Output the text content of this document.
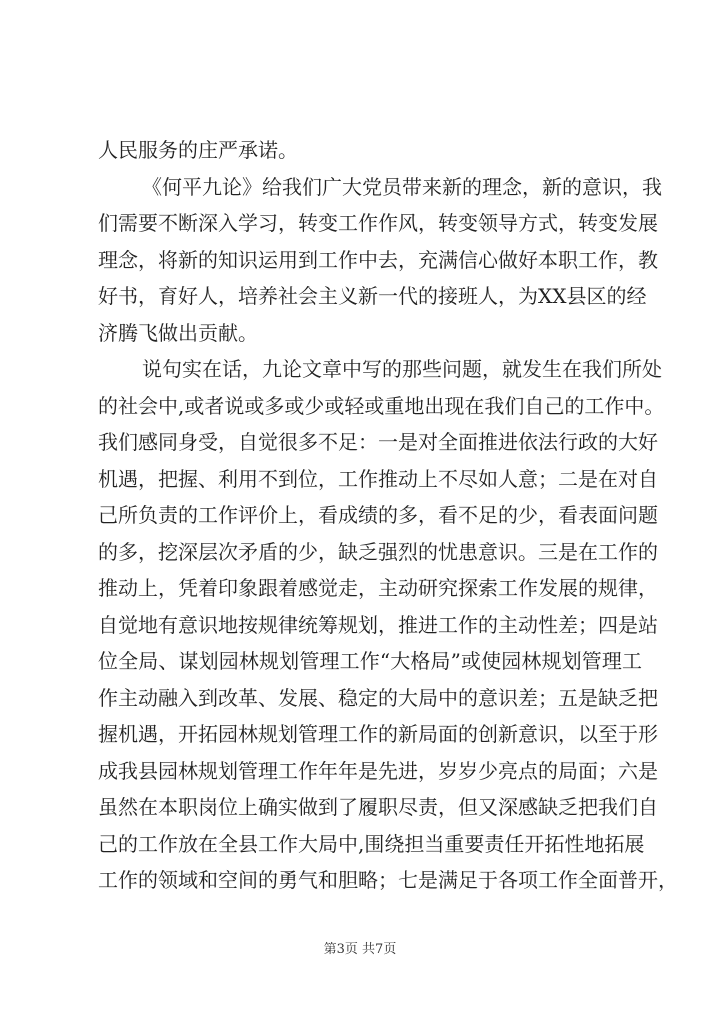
人民服务的庄严承诺。
《何平九论》给我们广大党员带来新的理念，新的意识，我
们需要不断深入学习，转变工作作风，转变领导方式，转变发展
理念，将新的知识运用到工作中去，充满信心做好本职工作，教
好书，育好人，培养社会主义新一代的接班人，为XX县区的经
济腾飞做出贡献。
说句实在话，九论文章中写的那些问题，就发生在我们所处
的社会中,或者说或多或少或轻或重地出现在我们自己的工作中。
我们感同身受，自觉很多不足：一是对全面推进依法行政的大好
机遇，把握、利用不到位，工作推动上不尽如人意；二是在对自
己所负责的工作评价上，看成绩的多，看不足的少，看表面问题
的多，挖深层次矛盾的少，缺乏强烈的忧患意识。三是在工作的
推动上，凭着印象跟着感觉走，主动研究探索工作发展的规律，
自觉地有意识地按规律统筹规划，推进工作的主动性差；四是站
位全局、谋划园林规划管理工作“大格局”或使园林规划管理工
作主动融入到改革、发展、稳定的大局中的意识差；五是缺乏把
握机遇，开拓园林规划管理工作的新局面的创新意识，以至于形
成我县园林规划管理工作年年是先进，岁岁少亮点的局面；六是
虽然在本职岗位上确实做到了履职尽责，但又深感缺乏把我们自
己的工作放在全县工作大局中,围绕担当重要责任开拓性地拓展
工作的领域和空间的勇气和胆略；七是满足于各项工作全面普开，
第3页 共7页
